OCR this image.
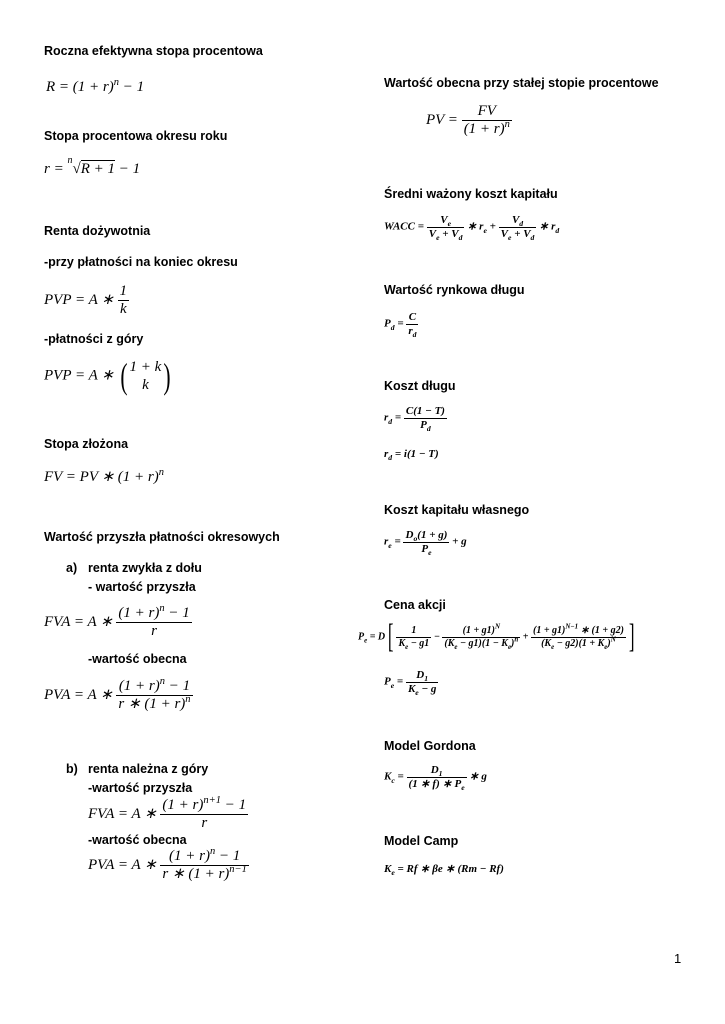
Roczna efektywna stopa procentowa
$R = (1 + r)^n - 1$
Stopa procentowa okresu roku
r = $^n$√R + 1 − 1
Renta dożywotnia
-przy płatności na koniec okresu
PVP = A ∗ $\frac{1}{k}$
-płatności z góry
PVP = A ∗ ( 1 + k
k )
Stopa złożona
FV = PV ∗ $(1 + r)^n$
Wartość przyszła płatności okresowych
a) renta zwykła z dołu
- wartość przyszła
FVA = A ∗ $\frac{(1 + r)^n - 1}{r}$
-wartość obecna
PVA = A ∗ $\frac{(1 + r)^n - 1}{r ∗ (1 + r)^n}$
b) renta należna z góry
-wartość przyszła
FVA = A ∗ $\frac{(1 + r)^{n+1} - 1}{r}$
-wartość obecna
PVA = A ∗ $\frac{(1 + r)^n - 1}{r ∗ (1 + r)^{n-1}}$
Wartość obecna przy stałej stopie procentowe
PV = $\frac{FV}{(1 + r)^n}$
Średni ważony koszt kapitału
WACC = $\frac{V_e}{V_e + V_d}$ ∗ $r_e + \frac{V_d}{V_e + V_d}$ ∗ $r_d$
Wartość rynkowa długu
$P_d = \frac{C}{r_d}$
Koszt długu
$r_d = \frac{C(1 - T)}{P_d}$
$r_d = i(1 - T)$
Koszt kapitału własnego
$r_e = \frac{D_o(1 + g)}{P_e} + g$
Cena akcji
$P_e = D[ \frac{1}{K_e - g1} - \frac{(1 + g1)^N}{(K_e - g1)(1 - K_e)^n} + \frac{(1 + g1)^{N-1} ∗ (1 + g2)}{(K_e - g2)(1 + K_e)^N}$ ]
$P_e = \frac{D_1}{K_e - g}$
Model Gordona
$K_c = \frac{D_1}{(1 ∗ f) ∗ P_e}$ ∗ g
Model Camp
$K_e = Rf$ ∗ βe ∗ (Rm − Rf)
1
